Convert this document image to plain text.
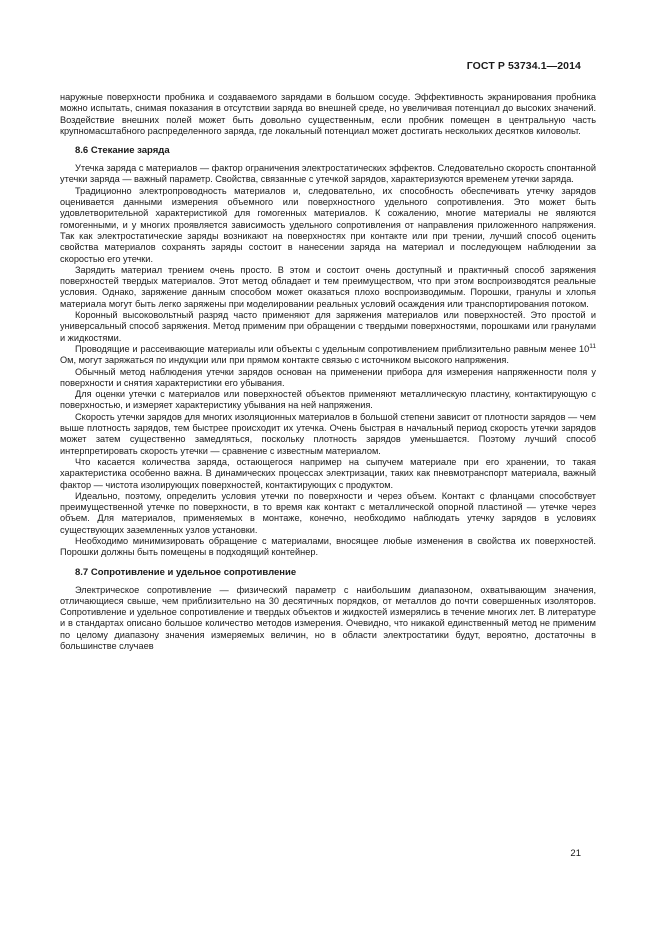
ГОСТ Р 53734.1—2014

наружные поверхности пробника и создаваемого зарядами в большом сосуде. Эффективность экранирования пробника можно испытать, снимая показания в отсутствии заряда во внешней среде, но увеличивая потенциал до высоких значений. Воздействие внешних полей может быть довольно существенным, если пробник помещен в центральную часть крупномасштабного распределенного заряда, где локальный потенциал может достигать нескольких десятков киловольт.

8.6 Стекание заряда

Утечка заряда с материалов — фактор ограничения электростатических эффектов. Следовательно скорость спонтанной утечки заряда — важный параметр. Свойства, связанные с утечкой зарядов, характеризуются временем утечки заряда.

Традиционно электропроводность материалов и, следовательно, их способность обеспечивать утечку зарядов оценивается данными измерения объемного или поверхностного удельного сопротивления. Это может быть удовлетворительной характеристикой для гомогенных материалов. К сожалению, многие материалы не являются гомогенными, и у многих проявляется зависимость удельного сопротивления от направления приложенного напряжения. Так как электростатические заряды возникают на поверхностях при контакте или при трении, лучший способ оценить свойства материалов сохранять заряды состоит в нанесении заряда на материал и последующем наблюдении за скоростью его утечки.

Зарядить материал трением очень просто. В этом и состоит очень доступный и практичный способ заряжения поверхностей твердых материалов. Этот метод обладает и тем преимуществом, что при этом воспроизводятся реальные условия. Однако, заряжение данным способом может оказаться плохо воспроизводимым. Порошки, гранулы и хлопья материала могут быть легко заряжены при моделировании реальных условий осаждения или транспортирования потоком.

Коронный высоковольтный разряд часто применяют для заряжения материалов или поверхностей. Это простой и универсальный способ заряжения. Метод применим при обращении с твердыми поверхностями, порошками или гранулами и жидкостями.

Проводящие и рассеивающие материалы или объекты с удельным сопротивлением приблизительно равным менее $10^{11}$ Ом, могут заряжаться по индукции или при прямом контакте связью с источником высокого напряжения.

Обычный метод наблюдения утечки зарядов основан на применении прибора для измерения напряженности поля у поверхности и снятия характеристики его убывания.

Для оценки утечки с материалов или поверхностей объектов применяют металлическую пластину, контактирующую с поверхностью, и измеряет характеристику убывания на ней напряжения.

Скорость утечки зарядов для многих изоляционных материалов в большой степени зависит от плотности зарядов — чем выше плотность зарядов, тем быстрее происходит их утечка. Очень быстрая в начальный период скорость утечки зарядов может затем существенно замедляться, поскольку плотность зарядов уменьшается. Поэтому лучший способ интерпретировать скорость утечки — сравнение с известным материалом.

Что касается количества заряда, остающегося например на сыпучем материале при его хранении, то такая характеристика особенно важна. В динамических процессах электризации, таких как пневмотранспорт материала, важный фактор — чистота изолирующих поверхностей, контактирующих с продуктом.

Идеально, поэтому, определить условия утечки по поверхности и через объем. Контакт с фланцами способствует преимущественной утечке по поверхности, в то время как контакт с металлической опорной пластиной — утечке через объем. Для материалов, применяемых в монтаже, конечно, необходимо наблюдать утечку зарядов в условиях существующих заземленных узлов установки.

Необходимо минимизировать обращение с материалами, вносящее любые изменения в свойства их поверхностей. Порошки должны быть помещены в подходящий контейнер.

8.7 Сопротивление и удельное сопротивление

Электрическое сопротивление — физический параметр с наибольшим диапазоном, охватывающим значения, отличающиеся свыше, чем приблизительно на 30 десятичных порядков, от металлов до почти совершенных изоляторов. Сопротивление и удельное сопротивление и твердых объектов и жидкостей измерялись в течение многих лет. В литературе и в стандартах описано большое количество методов измерения. Очевидно, что никакой единственный метод не применим по целому диапазону значения измеряемых величин, но в области электростатики будут, вероятно, достаточны в большинстве случаев

21
